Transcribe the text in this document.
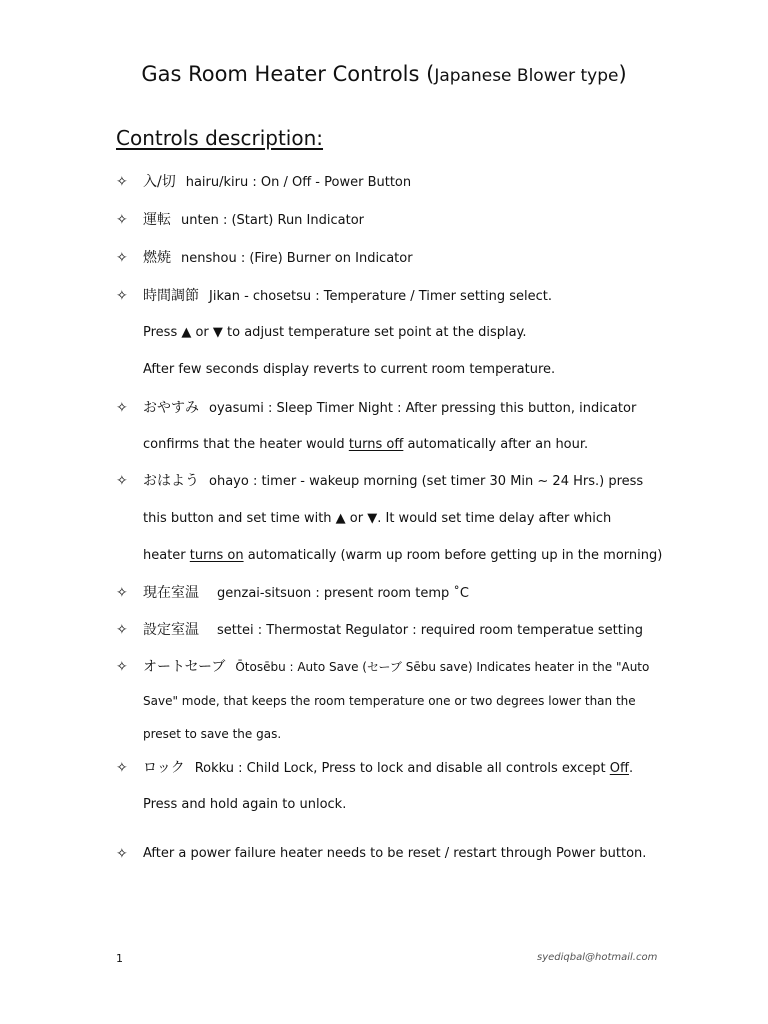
Gas Room Heater Controls (Japanese Blower type)
Controls description:
✧ 入/切 hairu/kiru : On / Off - Power Button
✧ 運転 unten : (Start) Run Indicator
✧ 燃焼 nenshou : (Fire) Burner on Indicator
✧ 時間調節 Jikan - chosetsu : Temperature / Timer setting select.
Press ▲ or ▼ to adjust temperature set point at the display.
After few seconds display reverts to current room temperature.
✧ おやすみ oyasumi : Sleep Timer Night : After pressing this button, indicator
confirms that the heater would turns off automatically after an hour.
✧ おはよう ohayo : timer - wakeup morning (set timer 30 Min ~ 24 Hrs.) press
this button and set time with ▲ or ▼. It would set time delay after which
heater turns on automatically (warm up room before getting up in the morning)
✧ 現在室温 genzai-sitsuon : present room temp ˚C
✧ 設定室温 settei : Thermostat Regulator : required room temperatue setting
✧ オートセーブ Ōtosēbu : Auto Save (セーブ Sēbu save) Indicates heater in the "Auto
Save" mode, that keeps the room temperature one or two degrees lower than the
preset to save the gas.
✧ ロック Rokku : Child Lock, Press to lock and disable all controls except Off.
Press and hold again to unlock.
✧ After a power failure heater needs to be reset / restart through Power button.
1	syediqbal@hotmail.com
